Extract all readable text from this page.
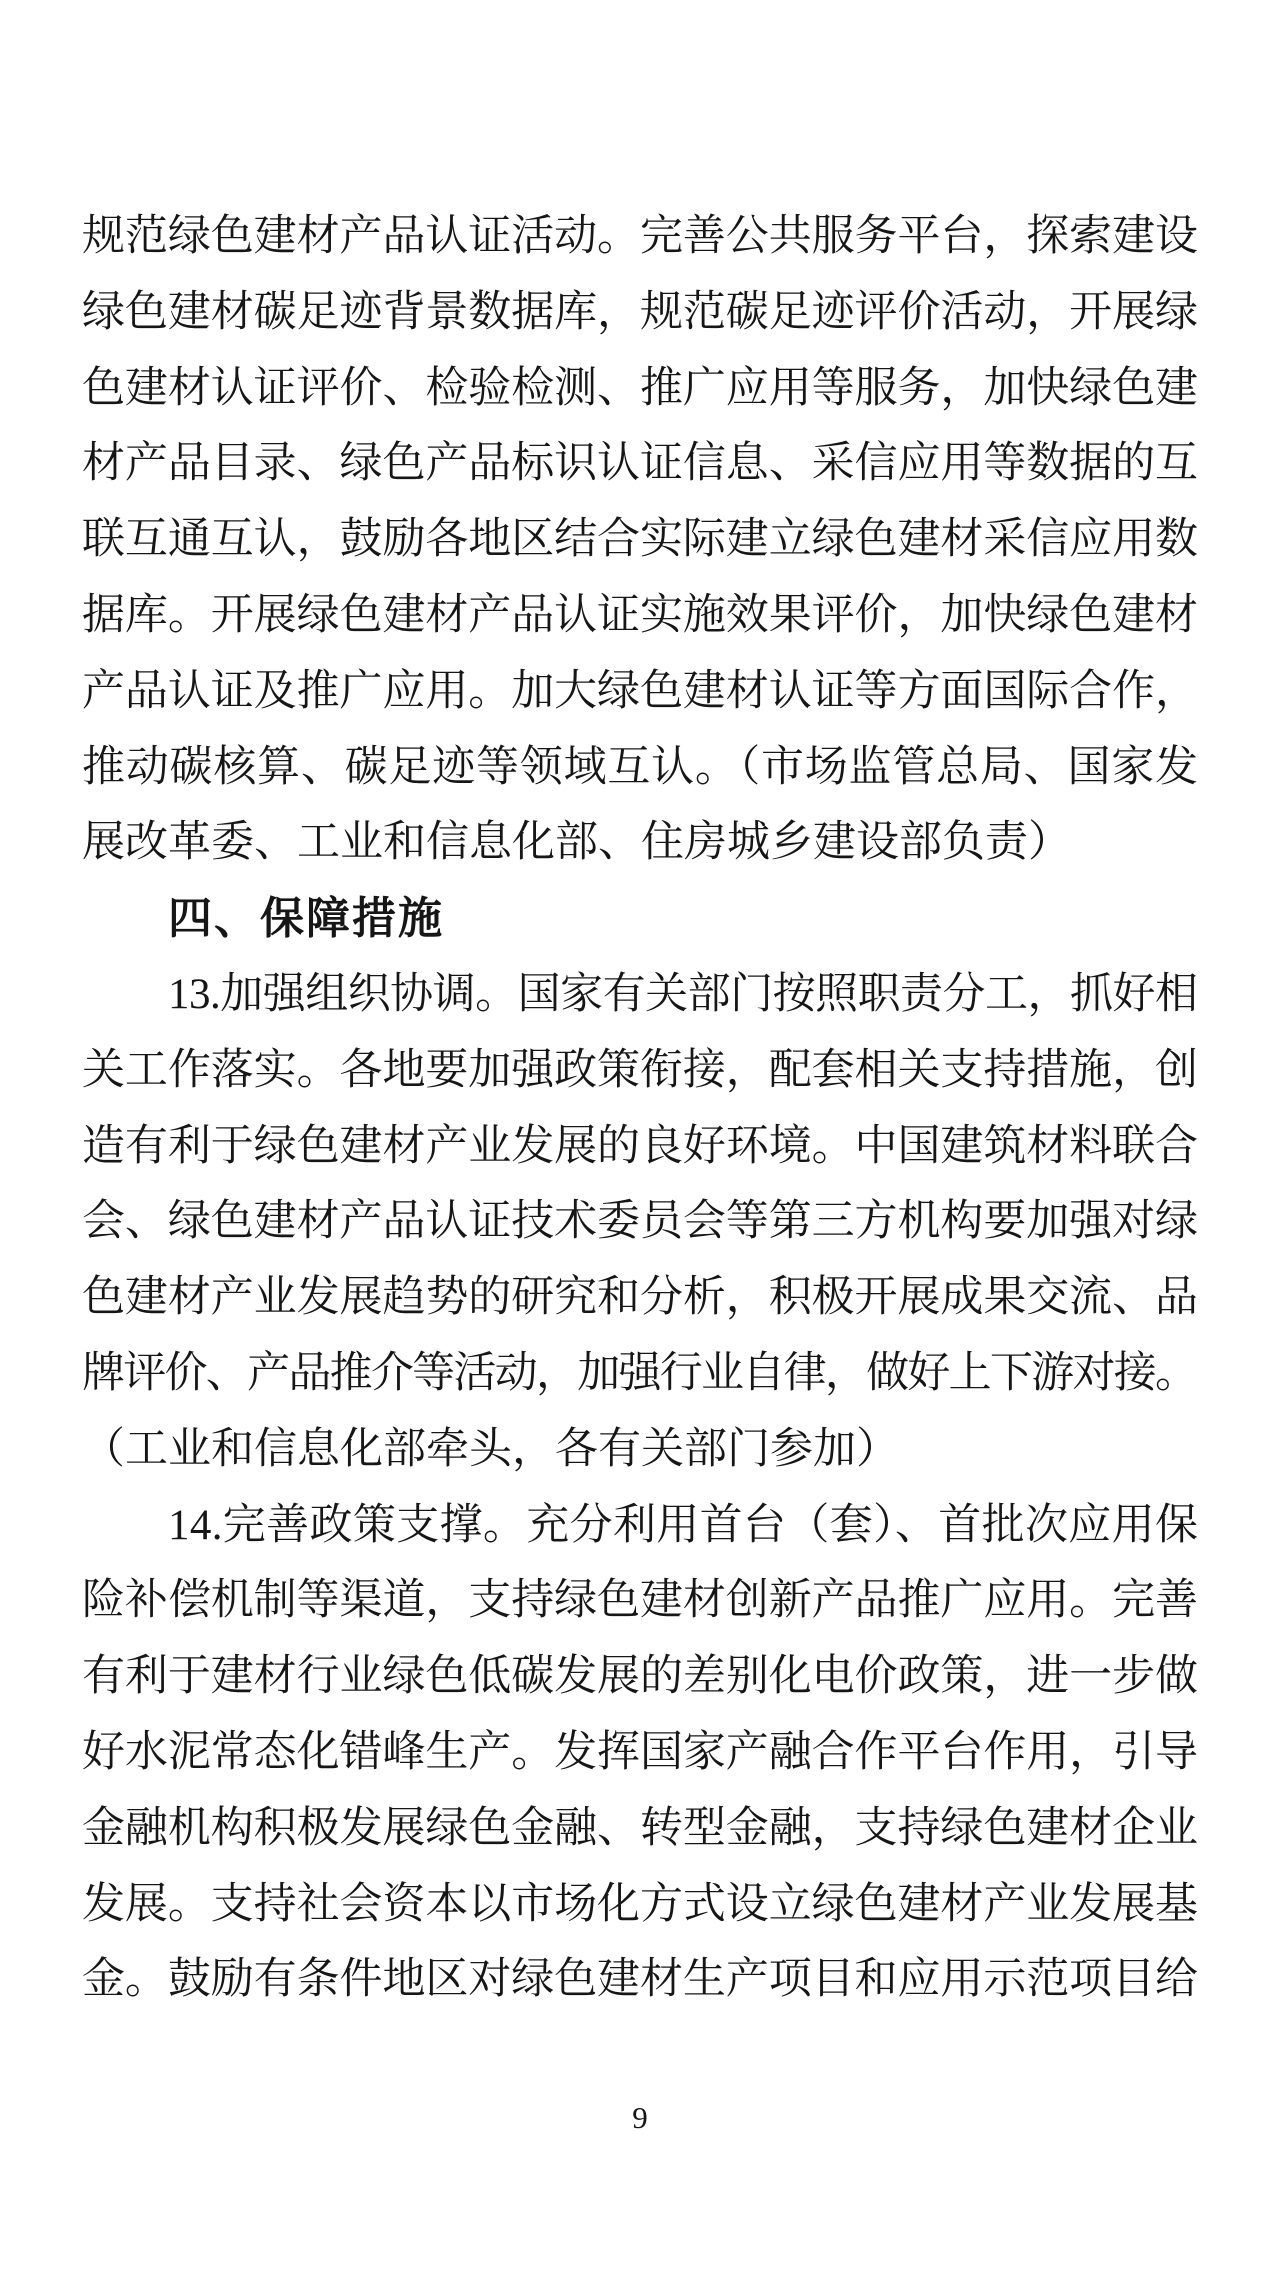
规范绿色建材产品认证活动。完善公共服务平台，探索建设
绿色建材碳足迹背景数据库，规范碳足迹评价活动，开展绿
色建材认证评价、检验检测、推广应用等服务，加快绿色建
材产品目录、绿色产品标识认证信息、采信应用等数据的互
联互通互认，鼓励各地区结合实际建立绿色建材采信应用数
据库。开展绿色建材产品认证实施效果评价，加快绿色建材
产品认证及推广应用。加大绿色建材认证等方面国际合作，
推动碳核算、碳足迹等领域互认。（市场监管总局、国家发
展改革委、工业和信息化部、住房城乡建设部负责）
四、保障措施
13.加强组织协调。国家有关部门按照职责分工，抓好相
关工作落实。各地要加强政策衔接，配套相关支持措施，创
造有利于绿色建材产业发展的良好环境。中国建筑材料联合
会、绿色建材产品认证技术委员会等第三方机构要加强对绿
色建材产业发展趋势的研究和分析，积极开展成果交流、品
牌评价、产品推介等活动，加强行业自律，做好上下游对接。
（工业和信息化部牵头，各有关部门参加）
14.完善政策支撑。充分利用首台（套）、首批次应用保
险补偿机制等渠道，支持绿色建材创新产品推广应用。完善
有利于建材行业绿色低碳发展的差别化电价政策，进一步做
好水泥常态化错峰生产。发挥国家产融合作平台作用，引导
金融机构积极发展绿色金融、转型金融，支持绿色建材企业
发展。支持社会资本以市场化方式设立绿色建材产业发展基
金。鼓励有条件地区对绿色建材生产项目和应用示范项目给
9
